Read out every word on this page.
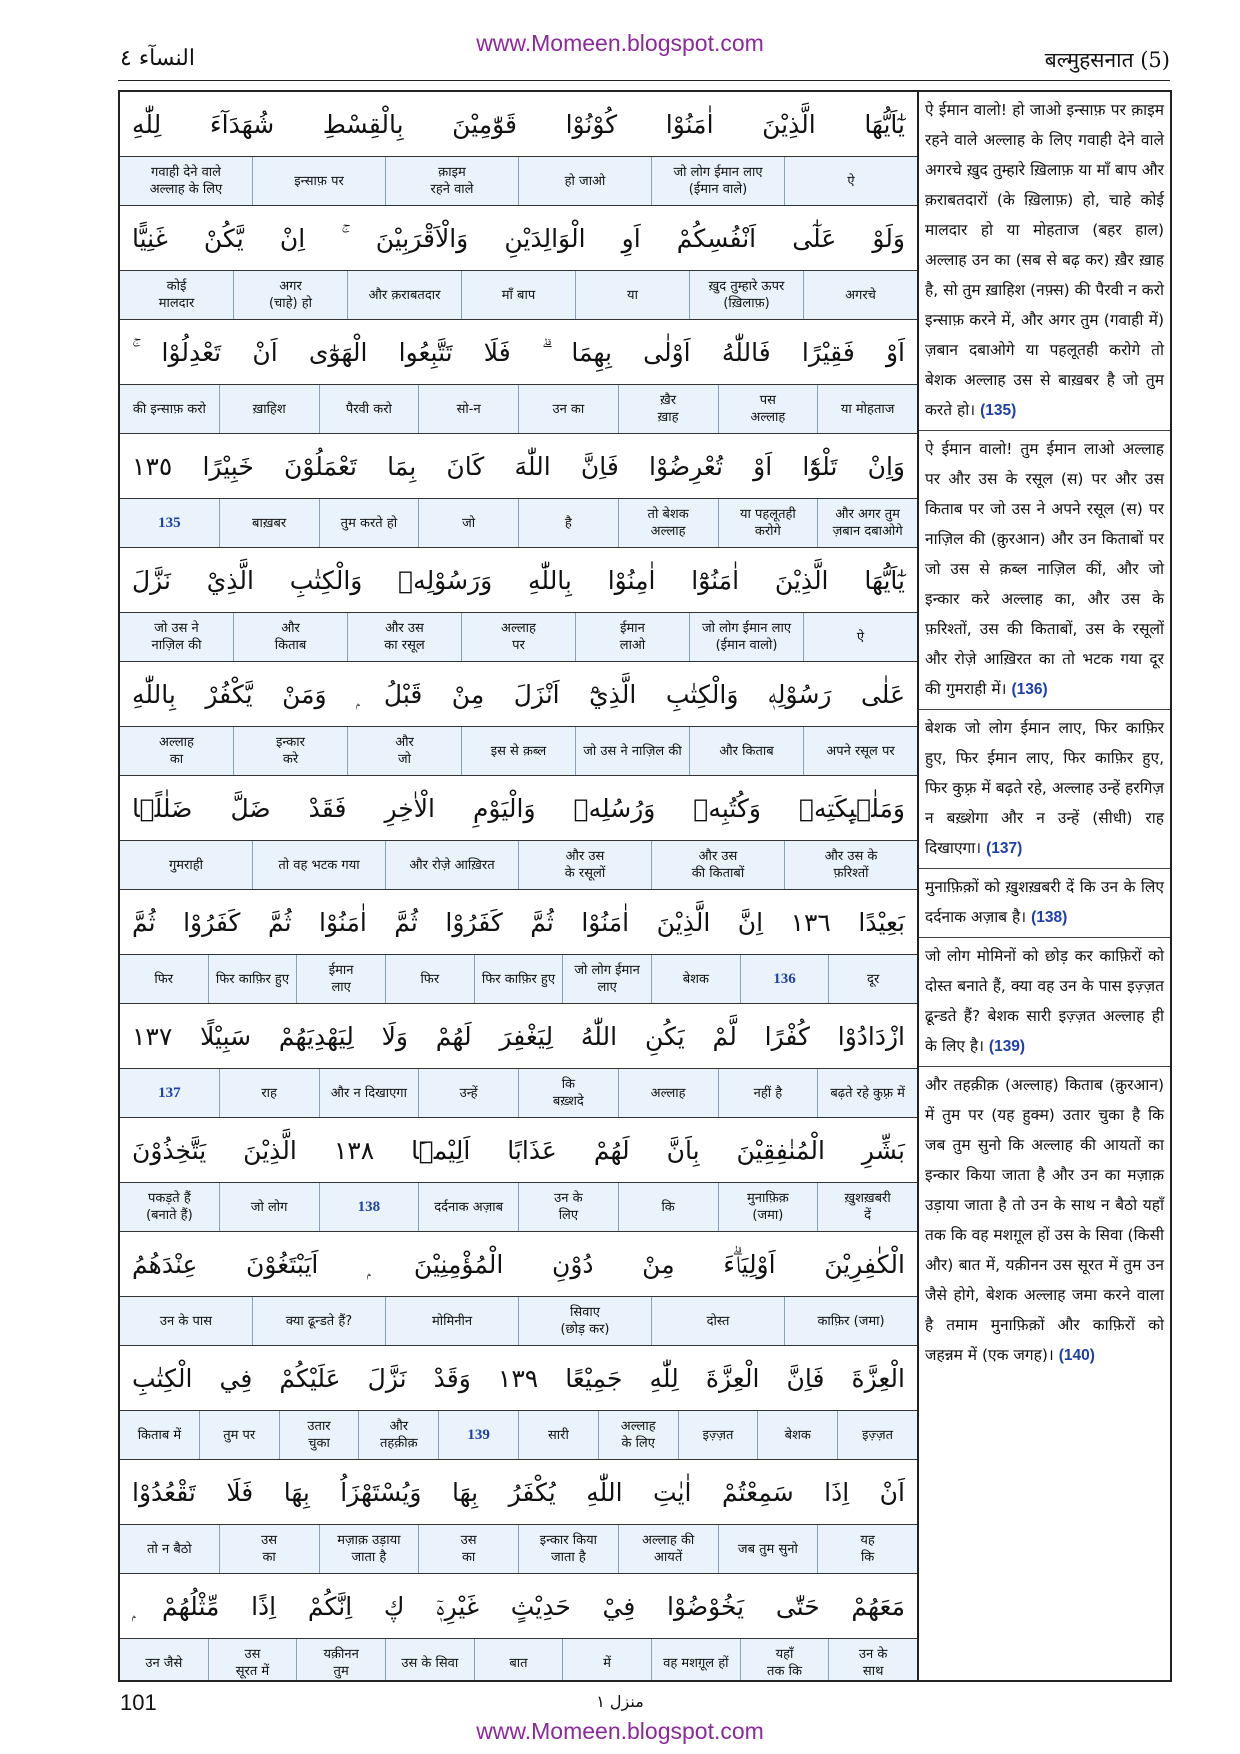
www.Momeen.blogspot.com
النسآء ٤	बल्मुहसनात (5)
يٰٓاَيُّهَا الَّذِيْنَ اٰمَنُوْا كُوْنُوْا قَوّٰمِيْنَ بِالْقِسْطِ شُهَدَآءَ لِلّٰهِ
ऐ
जो लोग ईमान लाए
(ईमान वाले)
हो जाओ
क़ाइम
रहने वाले
इन्साफ़ पर
गवाही देने वाले
अल्लाह के लिए
وَلَوْ عَلٰٓى اَنْفُسِكُمْ اَوِ الْوَالِدَيْنِ وَالْاَقْرَبِيْنَ ۚ اِنْ يَّكُنْ غَنِيًّا
अगरचे
ख़ुद तुम्हारे ऊपर
(ख़िलाफ़)
या
माँ बाप
और क़राबतदार
अगर
(चाहे) हो
कोई
मालदार
اَوْ فَقِيْرًا فَاللّٰهُ اَوْلٰى بِهِمَا ۗ فَلَا تَتَّبِعُوا الْهَوٰٓى اَنْ تَعْدِلُوْا ۚ
या मोहताज
पस
अल्लाह
ख़ैर
ख़ाह
उन का
सो-न
पैरवी करो
ख़ाहिश
की इन्साफ़ करो
وَاِنْ تَلْوٗٓا اَوْ تُعْرِضُوْا فَاِنَّ اللّٰهَ كَانَ بِمَا تَعْمَلُوْنَ خَبِيْرًا ١٣٥
और अगर तुम
ज़बान दबाओगे
या पहलूतही
करोगे
तो बेशक
अल्लाह
है
जो
तुम करते हो
बाख़बर
135
يٰٓاَيُّهَا الَّذِيْنَ اٰمَنُوْٓا اٰمِنُوْا بِاللّٰهِ وَرَسُوْلِهٖ وَالْكِتٰبِ الَّذِيْ نَزَّلَ
ऐ
जो लोग ईमान लाए
(ईमान वालो)
ईमान
लाओ
अल्लाह
पर
और उस
का रसूल
और
किताब
जो उस ने
नाज़िल की
عَلٰى رَسُوْلِهٖ وَالْكِتٰبِ الَّذِيْٓ اَنْزَلَ مِنْ قَبْلُ ۭ وَمَنْ يَّكْفُرْ بِاللّٰهِ
अपने रसूल पर
और किताब
जो उस ने नाज़िल की
इस से क़ब्ल
और
जो
इन्कार
करे
अल्लाह
का
وَمَلٰۗىِٕكَتِهٖ وَكُتُبِهٖ وَرُسُلِهٖ وَالْيَوْمِ الْاٰخِرِ فَقَدْ ضَلَّ ضَلٰلًۢا
और उस के
फ़रिश्तों
और उस
की किताबों
और उस
के रसूलों
और रोज़े आख़िरत
तो वह भटक गया
गुमराही
بَعِيْدًا ١٣٦ اِنَّ الَّذِيْنَ اٰمَنُوْا ثُمَّ كَفَرُوْا ثُمَّ اٰمَنُوْا ثُمَّ كَفَرُوْا ثُمَّ
दूर
136
बेशक
जो लोग ईमान लाए
फिर काफ़िर हुए
फिर
ईमान
लाए
फिर काफ़िर हुए
फिर
ازْدَادُوْا كُفْرًا لَّمْ يَكُنِ اللّٰهُ لِيَغْفِرَ لَهُمْ وَلَا لِيَهْدِيَهُمْ سَبِيْلًا ١٣٧
बढ़ते रहे कुफ़्र में
नहीं है
अल्लाह
कि
बख़्शदे
उन्हें
और न दिखाएगा
राह
137
بَشِّرِ الْمُنٰفِقِيْنَ بِاَنَّ لَهُمْ عَذَابًا اَلِيْمَۨا ١٣٨ الَّذِيْنَ يَتَّخِذُوْنَ
ख़ुशख़बरी
दें
मुनाफ़िक़
(जमा)
कि
उन के
लिए
दर्दनाक अज़ाब
138
जो लोग
पकड़ते हैं
(बनाते हैं)
الْكٰفِرِيْنَ اَوْلِيَاۗءَ مِنْ دُوْنِ الْمُؤْمِنِيْنَ ۭ اَيَبْتَغُوْنَ عِنْدَھُمُ
काफ़िर (जमा)
दोस्त
सिवाए
(छोड़ कर)
मोमिनीन
क्या ढून्डते हैं?
उन के पास
الْعِزَّةَ فَاِنَّ الْعِزَّةَ لِلّٰهِ جَمِيْعًا ١٣٩ وَقَدْ نَزَّلَ عَلَيْكُمْ فِي الْكِتٰبِ
इज़्ज़त
बेशक
इज़्ज़त
अल्लाह
के लिए
सारी
139
और
तहक़ीक़
उतार
चुका
तुम पर
किताब में
اَنْ اِذَا سَمِعْتُمْ اٰيٰتِ اللّٰهِ يُكْفَرُ بِهَا وَيُسْتَهْزَاُ بِهَا فَلَا تَقْعُدُوْا
यह
कि
जब तुम सुनो
अल्लाह की
आयतें
इन्कार किया
जाता है
उस
का
मज़ाक़ उड़ाया
जाता है
उस
का
तो न बैठो
مَعَهُمْ حَتّٰى يَخُوْضُوْا فِيْ حَدِيْثٍ غَيْرِهٖٓ ڮ اِنَّكُمْ اِذًا مِّثْلُهُمْ ۭ
उन के
साथ
यहाँ
तक कि
वह मशग़ूल हों
में
बात
उस के सिवा
यक़ीनन
तुम
उस
सूरत में
उन जैसे
ऐ ईमान वालो! हो जाओ इन्साफ़ पर क़ाइम रहने वाले अल्लाह के लिए गवाही देने वाले अगरचे ख़ुद तुम्हारे ख़िलाफ़ या माँ बाप और क़राबतदारों (के ख़िलाफ़) हो, चाहे कोई मालदार हो या मोहताज (बहर हाल) अल्लाह उन का (सब से बढ़ कर) ख़ैर ख़ाह है, सो तुम ख़ाहिश (नफ़्स) की पैरवी न करो इन्साफ़ करने में, और अगर तुम (गवाही में) ज़बान दबाओगे या पहलूतही करोगे तो बेशक अल्लाह उस से बाख़बर है जो तुम करते हो। (135)
ऐ ईमान वालो! तुम ईमान लाओ अल्लाह पर और उस के रसूल (स) पर और उस किताब पर जो उस ने अपने रसूल (स) पर नाज़िल की (क़ुरआन) और उन किताबों पर जो उस से क़ब्ल नाज़िल कीं, और जो इन्कार करे अल्लाह का, और उस के फ़रिश्तों, उस की किताबों, उस के रसूलों और रोज़े आख़िरत का तो भटक गया दूर की गुमराही में। (136)
बेशक जो लोग ईमान लाए, फिर काफ़िर हुए, फिर ईमान लाए, फिर काफ़िर हुए, फिर कुफ़्र में बढ़ते रहे, अल्लाह उन्हें हरगिज़ न बख़्शेगा और न उन्हें (सीधी) राह दिखाएगा। (137)
मुनाफ़िक़ों को ख़ुशख़बरी दें कि उन के लिए दर्दनाक अज़ाब है। (138)
जो लोग मोमिनों को छोड़ कर काफ़िरों को दोस्त बनाते हैं, क्या वह उन के पास इज़्ज़त ढून्डते हैं? बेशक सारी इज़्ज़त अल्लाह ही के लिए है। (139)
और तहक़ीक़ (अल्लाह) किताब (क़ुरआन) में तुम पर (यह हुक्म) उतार चुका है कि जब तुम सुनो कि अल्लाह की आयतों का इन्कार किया जाता है और उन का मज़ाक़ उड़ाया जाता है तो उन के साथ न बैठो यहाँ तक कि वह मशग़ूल हों उस के सिवा (किसी और) बात में, यक़ीनन उस सूरत में तुम उन जैसे होगे, बेशक अल्लाह जमा करने वाला है तमाम मुनाफ़िक़ों और काफ़िरों को जहन्नम में (एक जगह)। (140)
101	منزل ۱
www.Momeen.blogspot.com
